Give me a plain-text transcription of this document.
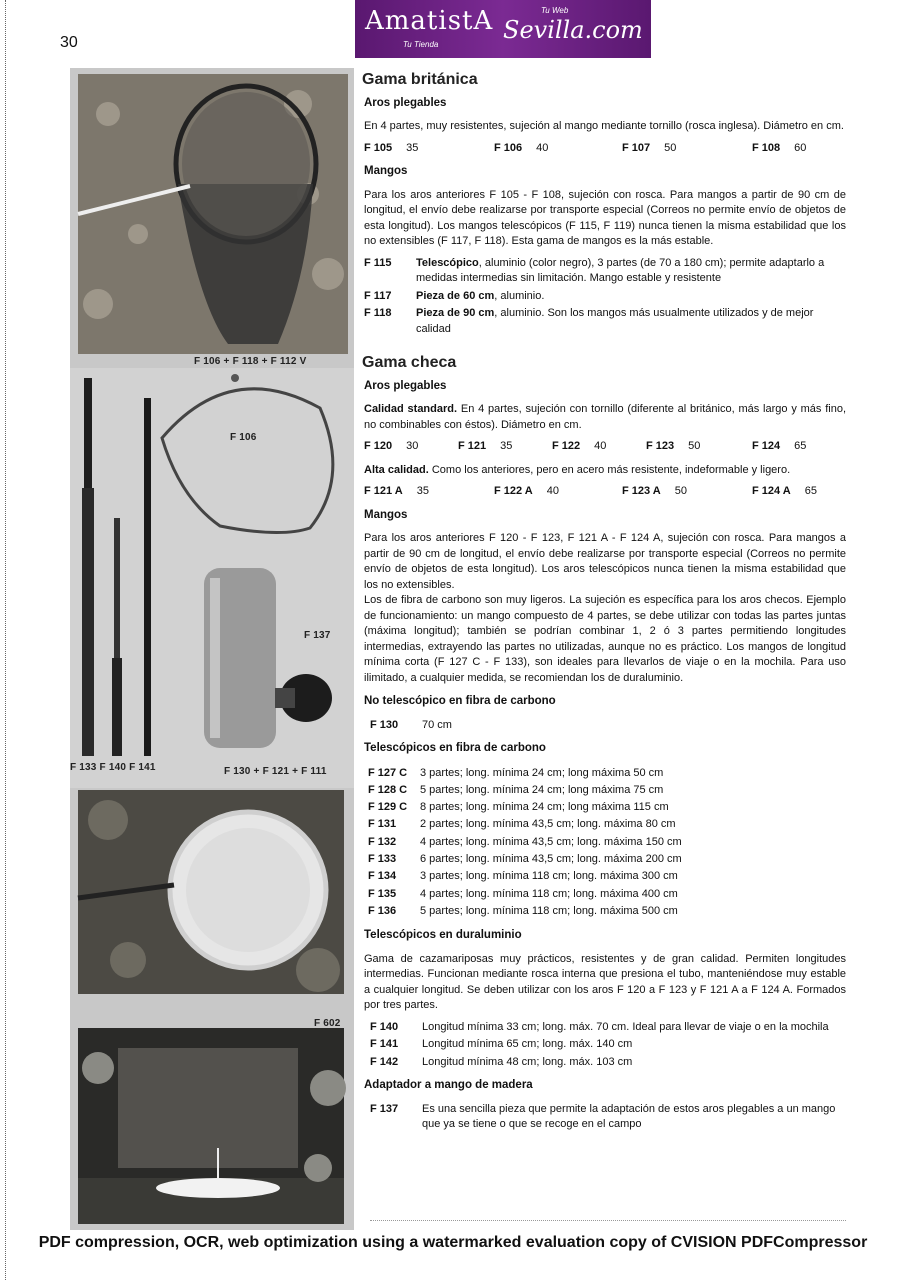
30
AmatistA Sevilla.com
Tu Tienda
Tu Web
F 106 + F 118 + F 112 V
F 106
F 137
F 133 F 140 F 141	F 130 + F 121 + F 111
F 602
Gama británica
Aros plegables

En 4 partes, muy resistentes, sujeción al mango mediante tornillo (rosca inglesa). Diámetro en cm.

F 105 35	F 106 40	F 107 50	F 108 60
Mangos

Para los aros anteriores F 105 - F 108, sujeción con rosca. Para mangos a partir de 90 cm de longitud, el envío debe realizarse por transporte especial (Correos no permite envío de objetos de esta longitud). Los mangos telescópicos (F 115, F 119) nunca tienen la misma estabilidad que los no extensibles (F 117, F 118). Esta gama de mangos es la más estable.

F 115	Telescópico, aluminio (color negro), 3 partes (de 70 a 180 cm); permite adaptarlo a medidas intermedias sin limitación. Mango estable y resistente
F 117	Pieza de 60 cm, aluminio.
F 118	Pieza de 90 cm, aluminio. Son los mangos más usualmente utilizados y de mejor calidad
Gama checa
Aros plegables

Calidad standard. En 4 partes, sujeción con tornillo (diferente al británico, más largo y más fino, no combinables con éstos). Diámetro en cm.

F 120 30	F 121 35	F 122 40	F 123 50	F 124 65

Alta calidad. Como los anteriores, pero en acero más resistente, indeformable y ligero.

F 121 A 35	F 122 A 40	F 123 A 50	F 124 A 65
Mangos

Para los aros anteriores F 120 - F 123, F 121 A - F 124 A, sujeción con rosca. Para mangos a partir de 90 cm de longitud, el envío debe realizarse por transporte especial (Correos no permite envío de objetos de esta longitud). Los aros telescópicos nunca tienen la misma estabilidad que los no extensibles.

Los de fibra de carbono son muy ligeros. La sujeción es específica para los aros checos. Ejemplo de funcionamiento: un mango compuesto de 4 partes, se debe utilizar con todas las partes juntas (máxima longitud); también se podrían combinar 1, 2 ó 3 partes permitiendo longitudes intermedias, extrayendo las partes no utilizadas, aunque no es práctico. Los mangos de longitud mínima corta (F 127 C - F 133), son ideales para llevarlos de viaje o en la mochila. Para uso ilimitado, a cualquier medida, se recomiendan los de duraluminio.

No telescópico en fibra de carbono
F 130	70 cm
Telescópicos en fibra de carbono
F 127 C	3 partes; long. mínima 24 cm; long máxima 50 cm
F 128 C	5 partes; long. mínima 24 cm; long máxima 75 cm
F 129 C	8 partes; long. mínima 24 cm; long máxima 115 cm
F 131	2 partes; long. mínima 43,5 cm; long. máxima 80 cm
F 132	4 partes; long. mínima 43,5 cm; long. máxima 150 cm
F 133	6 partes; long. mínima 43,5 cm; long. máxima 200 cm
F 134	3 partes; long. mínima 118 cm; long. máxima 300 cm
F 135	4 partes; long. mínima 118 cm; long. máxima 400 cm
F 136	5 partes; long. mínima 118 cm; long. máxima 500 cm
Telescópicos en duraluminio

Gama de cazamariposas muy prácticos, resistentes y de gran calidad. Permiten longitudes intermedias. Funcionan mediante rosca interna que presiona el tubo, manteniéndose muy estable a cualquier longitud. Se deben utilizar con los aros F 120 a F 123 y F 121 A a F 124 A. Formados por tres partes.

F 140	Longitud mínima 33 cm; long. máx. 70 cm. Ideal para llevar de viaje o en la mochila
F 141	Longitud mínima 65 cm; long. máx. 140 cm
F 142	Longitud mínima 48 cm; long. máx. 103 cm
Adaptador a mango de madera
F 137	Es una sencilla pieza que permite la adaptación de estos aros plegables a un mango que ya se tiene o que se recoge en el campo
PDF compression, OCR, web optimization using a watermarked evaluation copy of CVISION PDFCompressor
